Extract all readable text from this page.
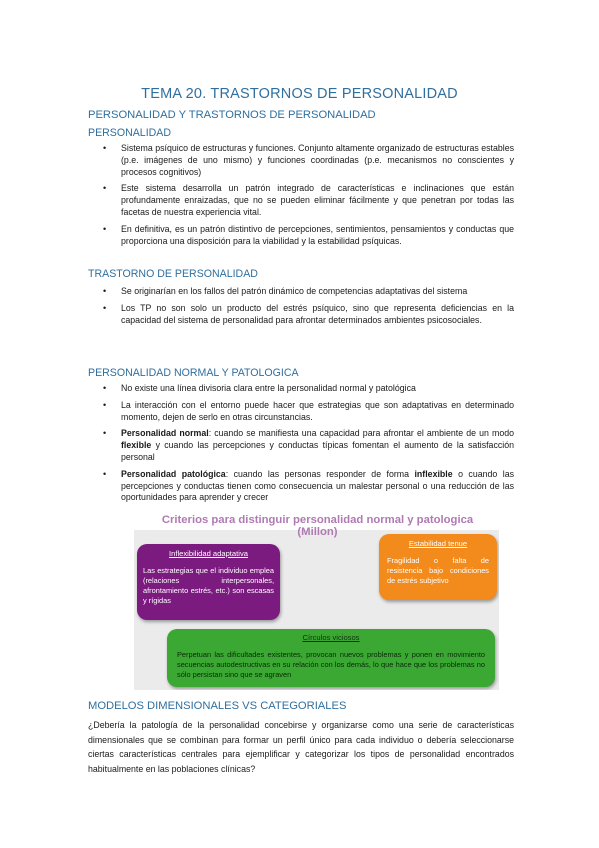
TEMA 20. TRASTORNOS DE PERSONALIDAD
PERSONALIDAD Y TRASTORNOS DE PERSONALIDAD
PERSONALIDAD
• Sistema psíquico de estructuras y funciones. Conjunto altamente organizado de estructuras estables (p.e. imágenes de uno mismo) y funciones coordinadas (p.e. mecanismos no conscientes y procesos cognitivos)
• Este sistema desarrolla un patrón integrado de características e inclinaciones que están profundamente enraizadas, que no se pueden eliminar fácilmente y que penetran por todas las facetas de nuestra experiencia vital.
• En definitiva, es un patrón distintivo de percepciones, sentimientos, pensamientos y conductas que proporciona una disposición para la viabilidad y la estabilidad psíquicas.
TRASTORNO DE PERSONALIDAD
• Se originarían en los fallos del patrón dinámico de competencias adaptativas del sistema
• Los TP no son solo un producto del estrés psíquico, sino que representa deficiencias en la capacidad del sistema de personalidad para afrontar determinados ambientes psicosociales.
PERSONALIDAD NORMAL Y PATOLOGICA
• No existe una línea divisoria clara entre la personalidad normal y patológica
• La interacción con el entorno puede hacer que estrategias que son adaptativas en determinado momento, dejen de serlo en otras circunstancias.
• Personalidad normal: cuando se manifiesta una capacidad para afrontar el ambiente de un modo flexible y cuando las percepciones y conductas típicas fomentan el aumento de la satisfacción personal
• Personalidad patológica: cuando las personas responder de forma inflexible o cuando las percepciones y conductas tienen como consecuencia un malestar personal o una reducción de las oportunidades para aprender y crecer
Inflexibilidad adaptativa
Las estrategias que el individuo emplea (relaciones interpersonales, afrontamiento estrés, etc.) son escasas y rígidas
Estabilidad tenue
Fragilidad o falta de resistencia bajo condiciones de estrés subjetivo
Círculos viciosos
Perpetuan las dificultades existentes, provocan nuevos problemas y ponen en movimiento secuencias autodestructivas en su relación con los demás, lo que hace que los problemas no sólo persistan sino que se agraven
Criterios para distinguir personalidad normal y patologica (Millon)
MODELOS DIMENSIONALES VS CATEGORIALES

¿Debería la patología de la personalidad concebirse y organizarse como una serie de características dimensionales que se combinan para formar un perfil único para cada individuo o debería seleccionarse ciertas características centrales para ejemplificar y categorizar los tipos de personalidad encontrados habitualmente en las poblaciones clínicas?
